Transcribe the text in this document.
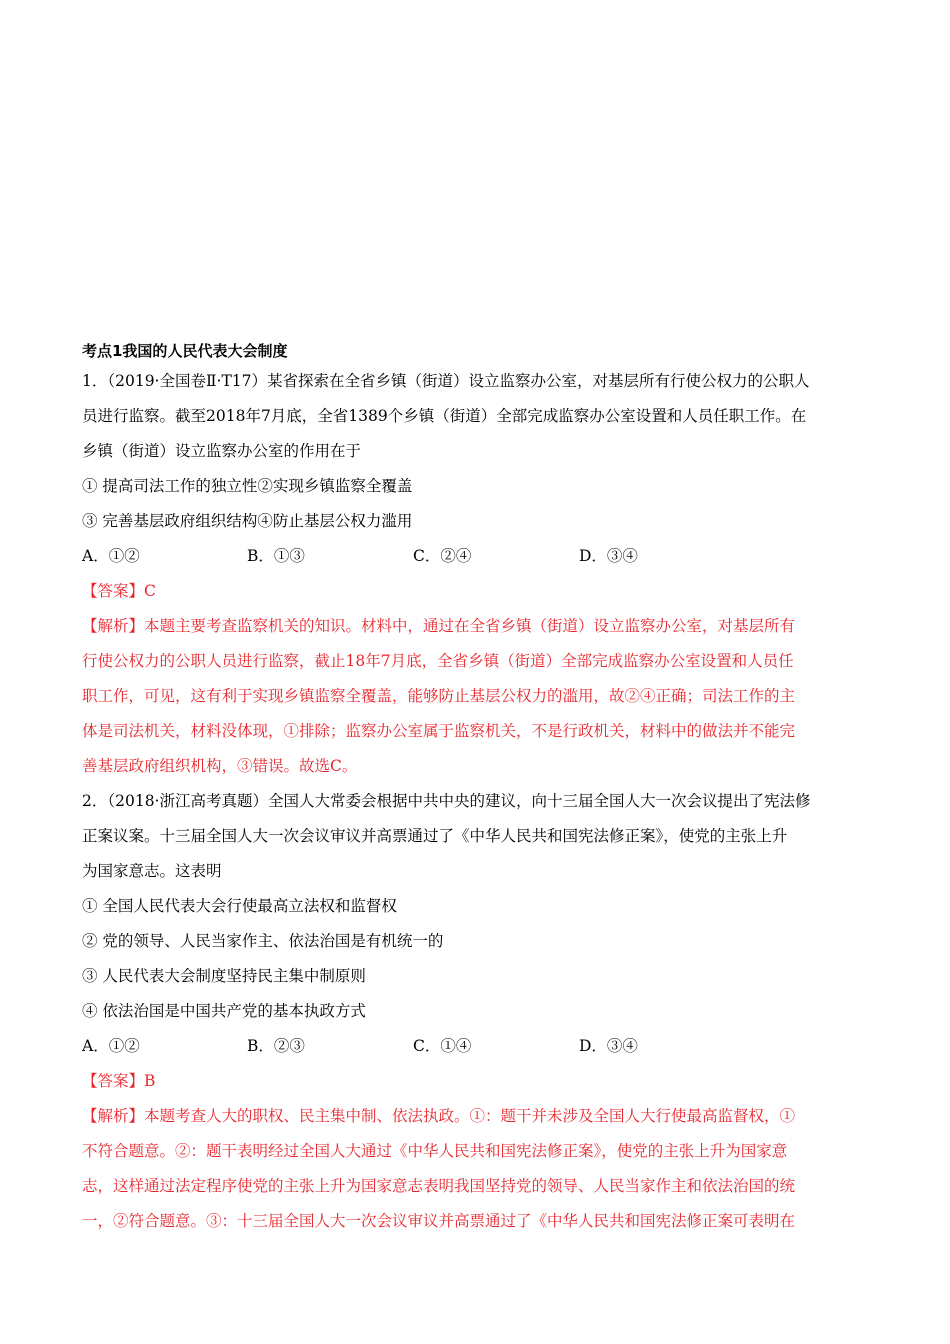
考点1我国的人民代表大会制度
1．（2019·全国卷Ⅱ·T17）某省探索在全省乡镇（街道）设立监察办公室，对基层所有行使公权力的公职人
员进行监察。截至2018年7月底，全省1389个乡镇（街道）全部完成监察办公室设置和人员任职工作。在
乡镇（街道）设立监察办公室的作用在于
① 提高司法工作的独立性②实现乡镇监察全覆盖
③ 完善基层政府组织结构④防止基层公权力滥用
A．①②	B．①③	C．②④	D．③④
【答案】C
【解析】本题主要考查监察机关的知识。材料中，通过在全省乡镇（街道）设立监察办公室，对基层所有
行使公权力的公职人员进行监察，截止18年7月底，全省乡镇（街道）全部完成监察办公室设置和人员任
职工作，可见，这有利于实现乡镇监察全覆盖，能够防止基层公权力的滥用，故②④正确；司法工作的主
体是司法机关，材料没体现，①排除；监察办公室属于监察机关，不是行政机关，材料中的做法并不能完
善基层政府组织机构，③错误。故选C。
2．（2018·浙江高考真题）全国人大常委会根据中共中央的建议，向十三届全国人大一次会议提出了宪法修
正案议案。十三届全国人大一次会议审议并高票通过了《中华人民共和国宪法修正案》，使党的主张上升
为国家意志。这表明
① 全国人民代表大会行使最高立法权和监督权
② 党的领导、人民当家作主、依法治国是有机统一的
③ 人民代表大会制度坚持民主集中制原则
④ 依法治国是中国共产党的基本执政方式
A．①②	B．②③	C．①④	D．③④
【答案】B
【解析】本题考查人大的职权、民主集中制、依法执政。①：题干并未涉及全国人大行使最高监督权，①
不符合题意。②：题干表明经过全国人大通过《中华人民共和国宪法修正案》，使党的主张上升为国家意
志，这样通过法定程序使党的主张上升为国家意志表明我国坚持党的领导、人民当家作主和依法治国的统
一，②符合题意。③：十三届全国人大一次会议审议并高票通过了《中华人民共和国宪法修正案可表明在
